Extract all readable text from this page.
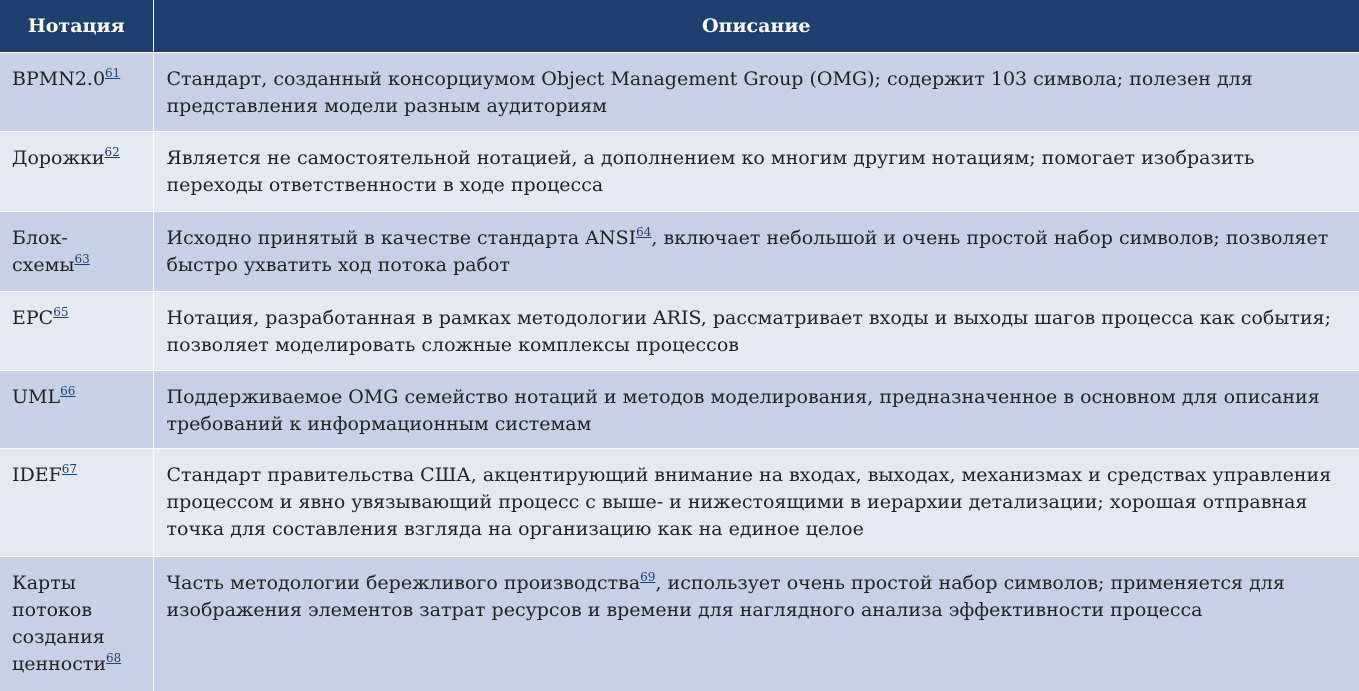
Нотация	Описание
BPMN2.0$^{61}$	Стандарт, созданный консорциумом Object Management Group (OMG); содержит 103 символа; полезен для представления модели разным аудиториям
Дорожки$^{62}$	Является не самостоятельной нотацией, а дополнением ко многим другим нотациям; помогает изобразить переходы ответственности в ходе процесса
Блок-схемы$^{63}$	Исходно принятый в качестве стандарта ANSI$^{64}$, включает небольшой и очень простой набор символов; позволяет быстро ухватить ход потока работ
EPC$^{65}$	Нотация, разработанная в рамках методологии ARIS, рассматривает входы и выходы шагов процесса как события; позволяет моделировать сложные комплексы процессов
UML$^{66}$	Поддерживаемое OMG семейство нотаций и методов моделирования, предназначенное в основном для описания требований к информационным системам
IDEF$^{67}$	Стандарт правительства США, акцентирующий внимание на входах, выходах, механизмах и средствах управления процессом и явно увязывающий процесс с выше- и нижестоящими в иерархии детализации; хорошая отправная точка для составления взгляда на организацию как на единое целое
Карты потоков создания ценности$^{68}$	Часть методологии бережливого производства$^{69}$, использует очень простой набор символов; применяется для изображения элементов затрат ресурсов и времени для наглядного анализа эффективности процесса
